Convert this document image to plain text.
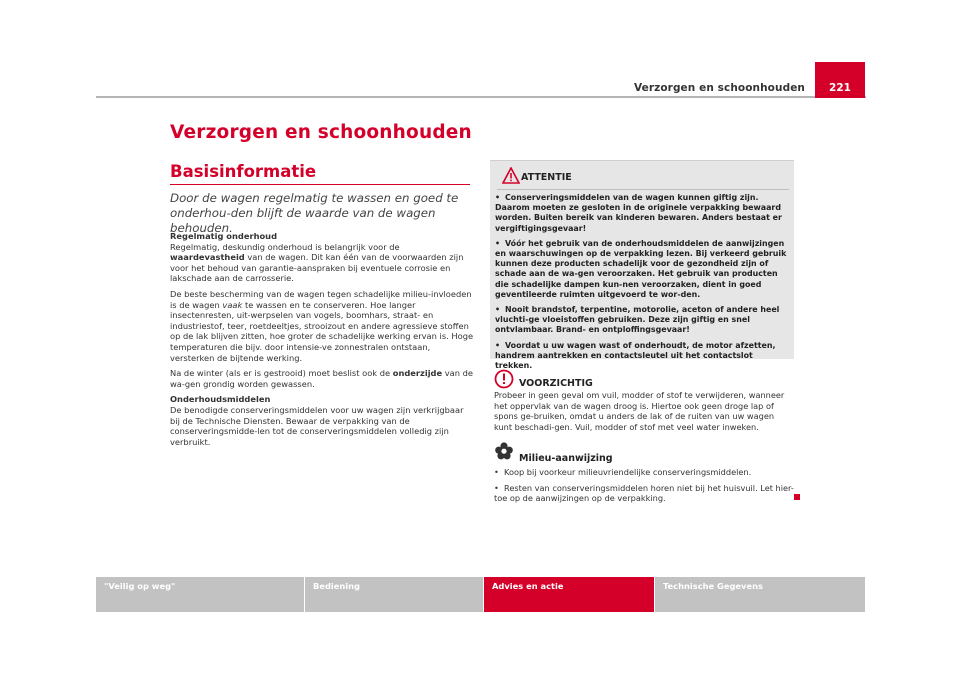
Verzorgen en schoonhouden	221
Verzorgen en schoonhouden
Basisinformatie

Door de wagen regelmatig te wassen en goed te onderhou-den blijft de waarde van de wagen behouden.

Regelmatig onderhoud

Regelmatig, deskundig onderhoud is belangrijk voor de waardevastheid van de wagen. Dit kan één van de voorwaarden zijn voor het behoud van garantie-aanspraken bij eventuele corrosie en lakschade aan de carrosserie.

De beste bescherming van de wagen tegen schadelijke milieu-invloeden is de wagen vaak te wassen en te conserveren. Hoe langer insectenresten, uit-werpselen van vogels, boomhars, straat- en industriestof, teer, roetdeeltjes, strooizout en andere agressieve stoffen op de lak blijven zitten, hoe groter de schadelijke werking ervan is. Hoge temperaturen die bijv. door intensie-ve zonnestralen ontstaan, versterken de bijtende werking.

Na de winter (als er is gestrooid) moet beslist ook de onderzijde van de wa-gen grondig worden gewassen.

Onderhoudsmiddelen

De benodigde conserveringsmiddelen voor uw wagen zijn verkrijgbaar bij de Technische Diensten. Bewaar de verpakking van de conserveringsmidde-len tot de conserveringsmiddelen volledig zijn verbruikt.

ATTENTIE

• Conserveringsmiddelen van de wagen kunnen giftig zijn. Daarom moeten ze gesloten in de originele verpakking bewaard worden. Buiten bereik van kinderen bewaren. Anders bestaat er vergiftigingsgevaar!

• Vóór het gebruik van de onderhoudsmiddelen de aanwijzingen en waarschuwingen op de verpakking lezen. Bij verkeerd gebruik kunnen deze producten schadelijk voor de gezondheid zijn of schade aan de wa-gen veroorzaken. Het gebruik van producten die schadelijke dampen kun-nen veroorzaken, dient in goed geventileerde ruimten uitgevoerd te wor-den.

• Nooit brandstof, terpentine, motorolie, aceton of andere heel vluchti-ge vloeistoffen gebruiken. Deze zijn giftig en snel ontvlambaar. Brand- en ontploffingsgevaar!

• Voordat u uw wagen wast of onderhoudt, de motor afzetten, handrem aantrekken en contactsleutel uit het contactslot trekken.

VOORZICHTIG
Probeer in geen geval om vuil, modder of stof te verwijderen, wanneer het oppervlak van de wagen droog is. Hiertoe ook geen droge lap of spons ge-bruiken, omdat u anders de lak of de ruiten van uw wagen kunt beschadi-gen. Vuil, modder of stof met veel water inweken.
Milieu-aanwijzing

• Koop bij voorkeur milieuvriendelijke conserveringsmiddelen.

• Resten van conserveringsmiddelen horen niet bij het huisvuil. Let hier-toe op de aanwijzingen op de verpakking.

"Veilig op weg"	Bediening	Advies en actie	Technische Gegevens
